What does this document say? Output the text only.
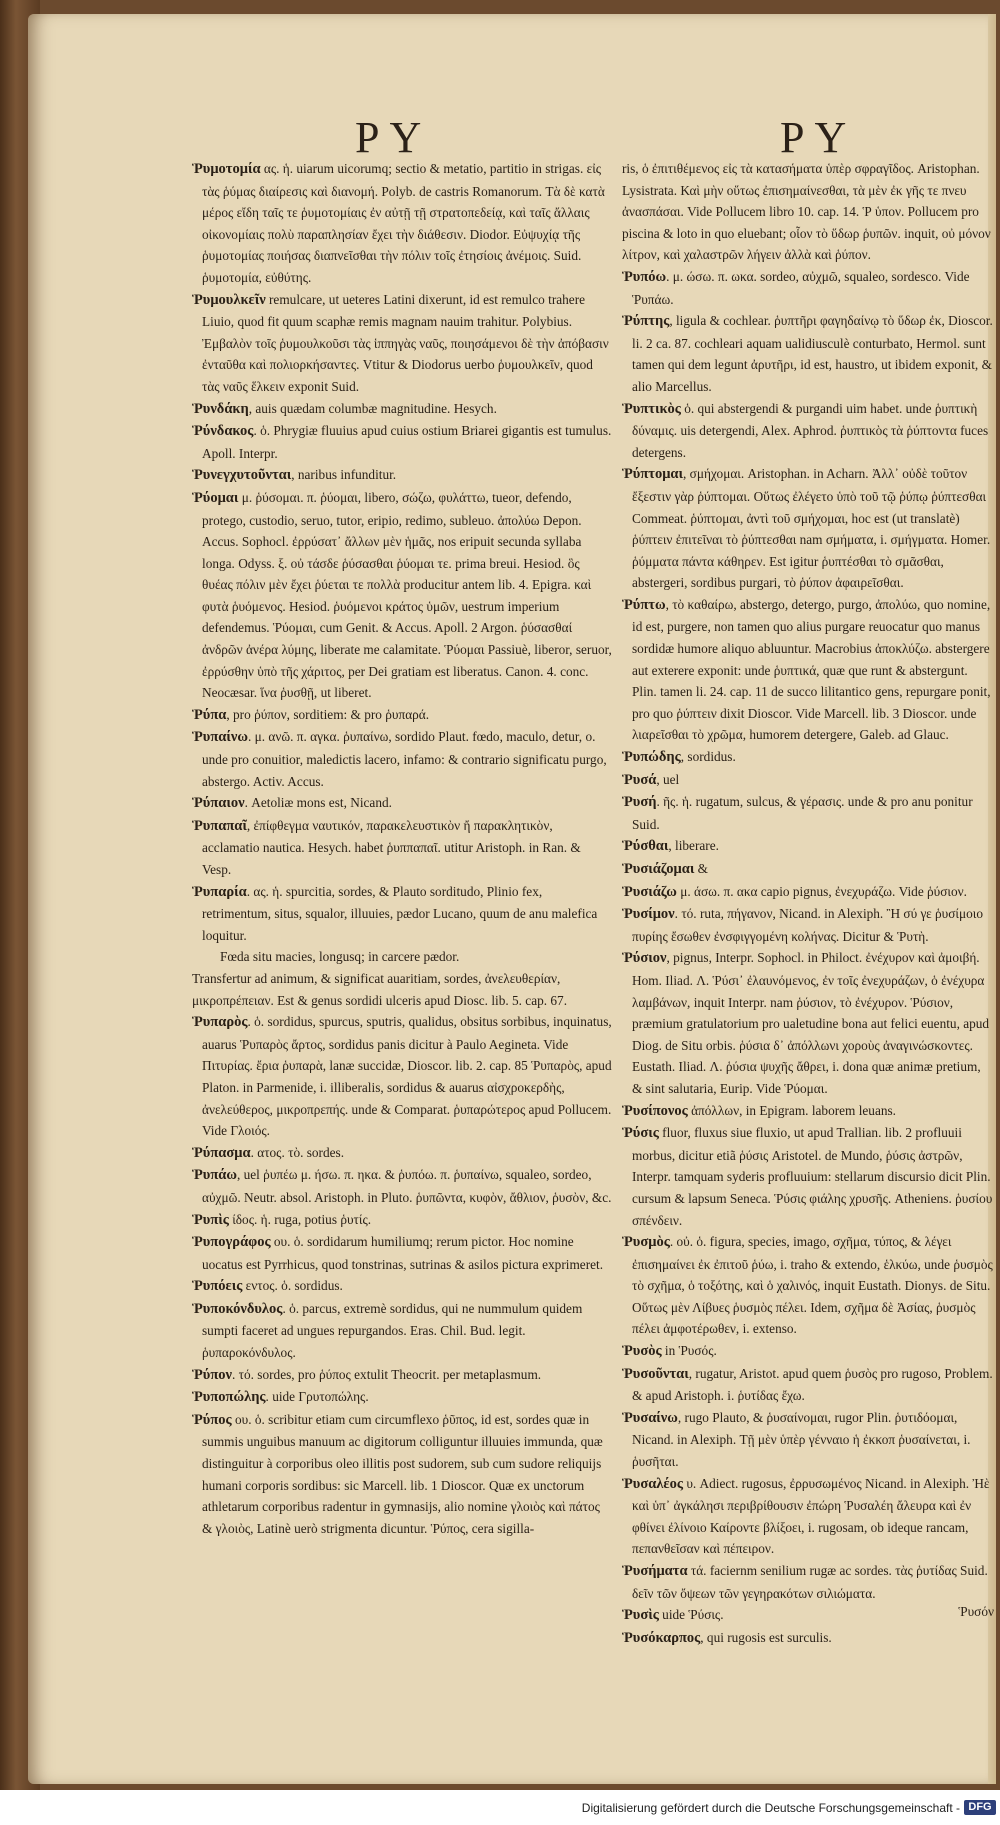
PY	PY

Ῥυμοτομία ας. ἡ. uiarum uicorumq; sectio & metatio, partitio in strigas. εἰς τὰς ῥύμας διαίρεσις καὶ διανομή. Polyb. de castris Romanorum. Τὰ δὲ κατὰ μέρος εἴδη ταῖς τε ῥυμοτομίαις ἐν αὐτῇ τῇ στρατοπεδείᾳ, καὶ ταῖς ἄλλαις οἰκονομίαις πολὺ παραπλησίαν ἔχει τὴν διάθεσιν. Diodor. Εὐψυχίᾳ τῆς ῥυμοτομίας ποιήσας διαπνεῖσθαι τὴν πόλιν τοῖς ἐτησίοις ἀνέμοις. Suid. ῥυμοτομία, εὐθύτης.

Ῥυμουλκεῖν remulcare, ut ueteres Latini dixerunt, id est remulco trahere Liuio, quod fit quum scaphæ remis magnam nauim trahitur. Polybius. Ἐμβαλὸν τοῖς ῥυμουλκοῦσι τὰς ἱππηγὰς ναῦς, ποιησάμενοι δὲ τὴν ἀπόβασιν ἐνταῦθα καὶ πολιορκήσαντες. Vtitur & Diodorus uerbo ῥυμουλκεῖν, quod τὰς ναῦς ἕλκειν exponit Suid.

Ῥυνδάκη, auis quædam columbæ magnitudine. Hesych.

Ῥύνδακος. ὁ. Phrygiæ fluuius apud cuius ostium Briarei gigantis est tumulus. Apoll. Interpr.

Ῥυνεγχυτοῦνται, naribus infunditur.

Ῥύομαι μ. ῥύσομαι. π. ῥύομαι, libero, σώζω, φυλάττω, tueor, defendo, protego, custodio, seruo, tutor, eripio, redimo, subleuo. ἀπολύω Depon. Accus. Sophocl. ἐρρύσατ᾽ ἄλλων μὲν ἡμᾶς, nos eripuit secunda syllaba longa. Odyss. ξ. οὐ τάσδε ῥύσασθαι ῥύομαι τε. prima breui. Hesiod. ὃς θυέας πόλιν μὲν ἔχει ῥύεται τε πολλὰ producitur antem lib. 4. Epigra. καὶ φυτὰ ῥυόμενος. Hesiod. ῥυόμενοι κράτος ὑμῶν, uestrum imperium defendemus. Ῥύομαι, cum Genit. & Accus. Apoll. 2 Argon. ῥύσασθαί ἀνδρῶν ἀνέρα λύμης, liberate me calamitate. Ῥύομαι Passiuè, liberor, seruor, ἐρρύσθην ὑπὸ τῆς χάριτος, per Dei gratiam est liberatus. Canon. 4. conc. Neocæsar. ἵνα ῥυσθῇ, ut liberet.

Ῥύπα, pro ῥύπον, sorditiem: & pro ῥυπαρά.

Ῥυπαίνω. μ. ανῶ. π. αγκα. ῥυπαίνω, sordido Plaut. fœdo, maculo, detur, ο. unde pro conuitior, maledictis lacero, infamo: & contrario significatu purgo, abstergo. Activ. Accus.

Ῥύπαιον. Aetoliæ mons est, Nicand.

Ῥυπαπαῖ, ἐπίφθεγμα ναυτικόν, παρακελευστικὸν ἤ παρακλητικὸν, acclamatio nautica. Hesych. habet ῥυππαπαῖ. utitur Aristoph. in Ran. & Vesp.

Ῥυπαρία. ας. ἡ. spurcitia, sordes, & Plauto sorditudo, Plinio fex, retrimentum, situs, squalor, illuuies, pædor Lucano, quum de anu malefica loquitur.

Fœda situ macies, longusq; in carcere pædor.

Transfertur ad animum, & significat auaritiam, sordes, ἀνελευθερίαν, μικροπρέπειαν. Est & genus sordidi ulceris apud Diosc. lib. 5. cap. 67.

Ῥυπαρὸς. ὁ. sordidus, spurcus, sputris, qualidus, obsitus sorbibus, inquinatus, auarus Ῥυπαρὸς ἄρτος, sordidus panis dicitur à Paulo Aegineta. Vide Πιτυρίας. ἔρια ῥυπαρὰ, lanæ succidæ, Dioscor. lib. 2. cap. 85 Ῥυπαρὸς, apud Platon. in Parmenide, i. illiberalis, sordidus & auarus αἰσχροκερδὴς, ἀνελεύθερος, μικροπρεπής. unde & Comparat. ῥυπαρώτερος apud Pollucem. Vide Γλοιός.

Ῥύπασμα. ατος. τὸ. sordes.

Ῥυπάω, uel ῥυπέω μ. ήσω. π. ηκα. & ῥυπόω. π. ῥυπαίνω, squaleo, sordeo, αὐχμῶ. Neutr. absol. Aristoph. in Pluto. ῥυπῶντα, κυφὸν, ἄθλιον, ῥυσὸν, &c.

Ῥυπὶς ίδος. ἡ. ruga, potius ῥυτίς.

Ῥυπογράφος ου. ὁ. sordidarum humiliumq; rerum pictor. Hoc nomine uocatus est Pyrrhicus, quod tonstrinas, sutrinas & asilos pictura exprimeret.

Ῥυπόεις εντος. ὁ. sordidus.

Ῥυποκόνδυλος. ὁ. parcus, extremè sordidus, qui ne nummulum quidem sumpti faceret ad ungues repurgandos. Eras. Chil. Bud. legit. ῥυπαροκόνδυλος.

Ῥύπον. τό. sordes, pro ῥύπος extulit Theocrit. per metaplasmum.

Ῥυποπώλης. uide Γρυτοπώλης.

Ῥύπος ου. ὁ. scribitur etiam cum circumflexo ῥῦπος, id est, sordes quæ in summis unguibus manuum ac digitorum colliguntur illuuies immunda, quæ distinguitur à corporibus oleo illitis post sudorem, sub cum sudore reliquijs humani corporis sordibus: sic Marcell. lib. 1 Dioscor. Quæ ex unctorum athletarum corporibus radentur in gymnasijs, alio nomine γλοιὸς καὶ πάτος & γλοιὸς, Latinè uerò strigmenta dicuntur. Ῥύπος, cera sigilla-

ris, ὁ ἐπιτιθέμενος εἰς τὰ κατασήματα ὑπὲρ σφραγῖδος. Aristophan. Lysistrata. Καὶ μὴν οὕτως ἐπισημαίνεσθαι, τὰ μὲν ἐκ γῆς τε πνευ ἀνασπάσαι. Vide Pollucem libro 10. cap. 14. Ῥ ὑπον. Pollucem pro piscina & loto in quo eluebant; οἷον τὸ ὕδωρ ῥυπῶν. inquit, οὐ μόνον λίτρον, καὶ χαλαστρῶν λήγειν ἀλλὰ καὶ ῥύπον.

Ῥυπόω. μ. ώσω. π. ωκα. sordeo, αὐχμῶ, squaleo, sordesco. Vide Ῥυπάω.

Ῥύπτης, ligula & cochlear. ῥυπτῆρι φαγηδαίνῳ τὸ ὕδωρ ἐκ, Dioscor. li. 2 ca. 87. cochleari aquam ualidiusculè conturbato, Hermol. sunt tamen qui dem legunt ἀρυτῆρι, id est, haustro, ut ibidem exponit, & alio Marcellus.

Ῥυπτικὸς ὁ. qui abstergendi & purgandi uim habet. unde ῥυπτικὴ δύναμις. uis detergendi, Alex. Aphrod. ῥυπτικὸς τὰ ῥύπτοντα fuces detergens.

Ῥύπτομαι, σμήχομαι. Aristophan. in Acharn. Ἀλλ᾽ οὐδὲ τοῦτον ἔξεστιν γὰρ ῥύπτομαι. Οὕτως ἐλέγετο ὑπὸ τοῦ τῷ ῥύπῳ ῥύπτεσθαι Commeat. ῥύπτομαι, ἀντὶ τοῦ σμήχομαι, hoc est (ut translatè) ῥύπτειν ἐπιτεῖναι τὸ ῥύπτεσθαι nam σμήματα, i. σμήγματα. Homer. ῥύμματα πάντα κάθηρεν. Est igitur ῥυπτέσθαι τὸ σμᾶσθαι, abstergeri, sordibus purgari, τὸ ῥύπον ἀφαιρεῖσθαι.

Ῥύπτω, τὸ καθαίρω, abstergo, detergo, purgo, ἀπολύω, quo nomine, id est, purgere, non tamen quo alius purgare reuocatur quo manus sordidæ humore aliquo abluuntur. Macrobius ἀποκλύζω. abstergere aut exterere exponit: unde ῥυπτικά, quæ que runt & abstergunt. Plin. tamen li. 24. cap. 11 de succo lilitantico gens, repurgare ponit, pro quo ῥύπτειν dixit Dioscor. Vide Marcell. lib. 3 Dioscor. unde λιαρεῖσθαι τὸ χρῶμα, humorem detergere, Galeb. ad Glauc.

Ῥυπώδης, sordidus.

Ῥυσά, uel

Ῥυσή. ῆς. ἡ. rugatum, sulcus, & γέρασις. unde & pro anu ponitur Suid.

Ῥύσθαι, liberare.

Ῥυσιάζομαι &

Ῥυσιάζω μ. άσω. π. ακα capio pignus, ἐνεχυράζω. Vide ῥύσιον.

Ῥυσίμον. τό. ruta, πήγανον, Nicand. in Alexiph. Ἢ σύ γε ῥυσίμοιο πυρίης ἔσωθεν ἐνσφιγγομένη κολήνας. Dicitur & Ῥυτὴ.

Ῥύσιον, pignus, Interpr. Sophocl. in Philoct. ἐνέχυρον καὶ ἀμοιβή. Hom. Iliad. Λ. Ῥύσι᾽ ἐλαυνόμενος, ἐν τοῖς ἐνεχυράζων, ὁ ἐνέχυρα λαμβάνων, inquit Interpr. nam ῥύσιον, τὸ ἐνέχυρον. Ῥύσιον, præmium gratulatorium pro ualetudine bona aut felici euentu, apud Diog. de Situ orbis. ῥύσια δ᾽ ἀπόλλωνι χοροὺς ἀναγινώσκοντες. Eustath. Iliad. Λ. ῥύσια ψυχῆς ἄθρει, i. dona quæ animæ pretium, & sint salutaria, Eurip. Vide Ῥύομαι.

Ῥυσίπονος ἀπόλλων, in Epigram. laborem leuans.

Ῥύσις fluor, fluxus siue fluxio, ut apud Trallian. lib. 2 profluuii morbus, dicitur etiã ῥύσις Aristotel. de Mundo, ῥύσις ἀστρῶν, Interpr. tamquam syderis profluuium: stellarum discursio dicit Plin. cursum & lapsum Seneca. Ῥύσις φιάλης χρυσῆς. Atheniens. ῥυσίου σπένδειν.

Ῥυσμὸς. οὐ. ὁ. figura, species, imago, σχῆμα, τύπος, & λέγει ἐπισημαίνει ἐκ ἐπιτοῦ ῥύω, i. traho & extendo, ἑλκύω, unde ῥυσμὸς τὸ σχῆμα, ὁ τοξότης, καὶ ὁ χαλινός, inquit Eustath. Dionys. de Situ. Οὕτως μὲν Λίβυες ῥυσμὸς πέλει. Idem, σχῆμα δὲ Ἀσίας, ῥυσμὸς πέλει ἀμφοτέρωθεν, i. extenso.

Ῥυσὸς in Ῥυσός.

Ῥυσοῦνται, rugatur, Aristot. apud quem ῥυσὸς pro rugoso, Problem. & apud Aristoph. i. ῥυτίδας ἔχω.

Ῥυσαίνω, rugo Plauto, & ῥυσαίνομαι, rugor Plin. ῥυτιδόομαι, Nicand. in Alexiph. Τῇ μὲν ὑπὲρ γένναιο ἡ ἐκκοπ ῥυσαίνεται, i. ῥυσῆται.

Ῥυσαλέος υ. Adiect. rugosus, ἐρρυσωμένος Nicand. in Alexiph. Ἠὲ καὶ ὑπ᾽ ἀγκάλησι περιβρίθουσιν ἐπώρη Ῥυσαλέη ἄλευρα καὶ ἐν φθίνει ἐλίνοιο Καίροντε βλίξοει, i. rugosam, ob ideque rancam, πεπανθεῖσαν καὶ πέπειρον.

Ῥυσήματα τά. faciernm senilium rugæ ac sordes. τὰς ῥυτίδας Suid. δεῖν τῶν ὄψεων τῶν γεγηρακότων σιλιώματα.

Ῥυσὶς uide Ῥύσις.

Ῥυσόκαρπος, qui rugosis est surculis.

Ῥυσόν
Digitalisierung gefördert durch die Deutsche Forschungsgemeinschaft - DFG
